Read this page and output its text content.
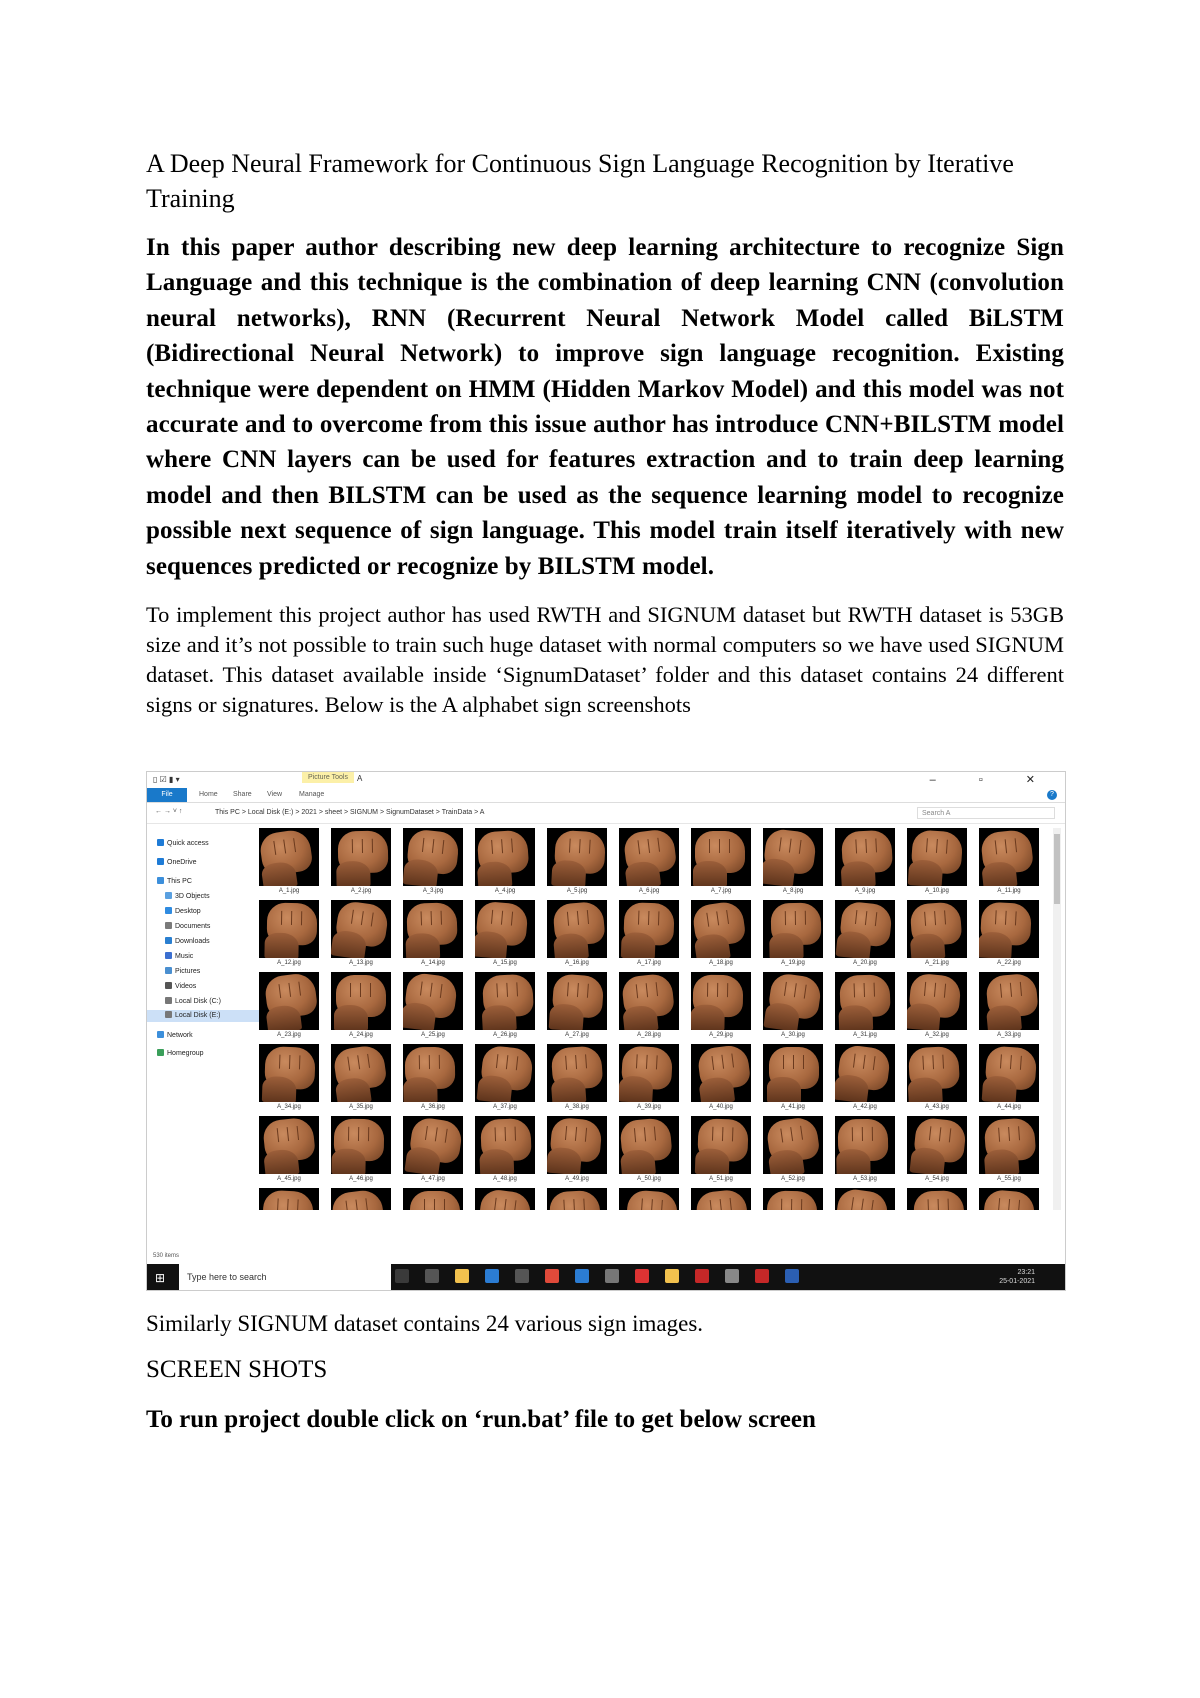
A Deep Neural Framework for Continuous Sign Language Recognition by Iterative Training

In this paper author describing new deep learning architecture to recognize Sign Language and this technique is the combination of deep learning CNN (convolution neural networks), RNN (Recurrent Neural Network Model called BiLSTM (Bidirectional Neural Network) to improve sign language recognition. Existing technique were dependent on HMM (Hidden Markov Model) and this model was not accurate and to overcome from this issue author has introduce CNN+BILSTM model where CNN layers can be used for features extraction and to train deep learning model and then BILSTM can be used as the sequence learning model to recognize possible next sequence of sign language. This model train itself iteratively with new sequences predicted or recognize by BILSTM model.

To implement this project author has used RWTH and SIGNUM dataset but RWTH dataset is 53GB size and it’s not possible to train such huge dataset with normal computers so we have used SIGNUM dataset. This dataset available inside ‘SignumDataset’ folder and this dataset contains 24 different signs or signatures. Below is the A alphabet sign screenshots

▯ ☑ ▮ ▾	Picture Tools	A	– ▫ ✕
File	Home Share View Manage	?
← → ˅ ↑	This PC > Local Disk (E:) > 2021 > sheet > SIGNUM > SignumDataset > TrainData > A	Search A
Quick access
OneDrive
This PC
3D Objects
Desktop
Documents
Downloads
Music
Pictures
Videos
Local Disk (C:)
Local Disk (E:)
Network
Homegroup
A_1.jpg	A_2.jpg	A_3.jpg	A_4.jpg	A_5.jpg	A_6.jpg	A_7.jpg	A_8.jpg	A_9.jpg	A_10.jpg	A_11.jpg
A_12.jpg	A_13.jpg	A_14.jpg	A_15.jpg	A_16.jpg	A_17.jpg	A_18.jpg	A_19.jpg	A_20.jpg	A_21.jpg	A_22.jpg
A_23.jpg	A_24.jpg	A_25.jpg	A_26.jpg	A_27.jpg	A_28.jpg	A_29.jpg	A_30.jpg	A_31.jpg	A_32.jpg	A_33.jpg
A_34.jpg	A_35.jpg	A_36.jpg	A_37.jpg	A_38.jpg	A_39.jpg	A_40.jpg	A_41.jpg	A_42.jpg	A_43.jpg	A_44.jpg
A_45.jpg	A_46.jpg	A_47.jpg	A_48.jpg	A_49.jpg	A_50.jpg	A_51.jpg	A_52.jpg	A_53.jpg	A_54.jpg	A_55.jpg
530 items
⊞	Type here to search	23:21
25-01-2021

Similarly SIGNUM dataset contains 24 various sign images.

SCREEN SHOTS

To run project double click on ‘run.bat’ file to get below screen
